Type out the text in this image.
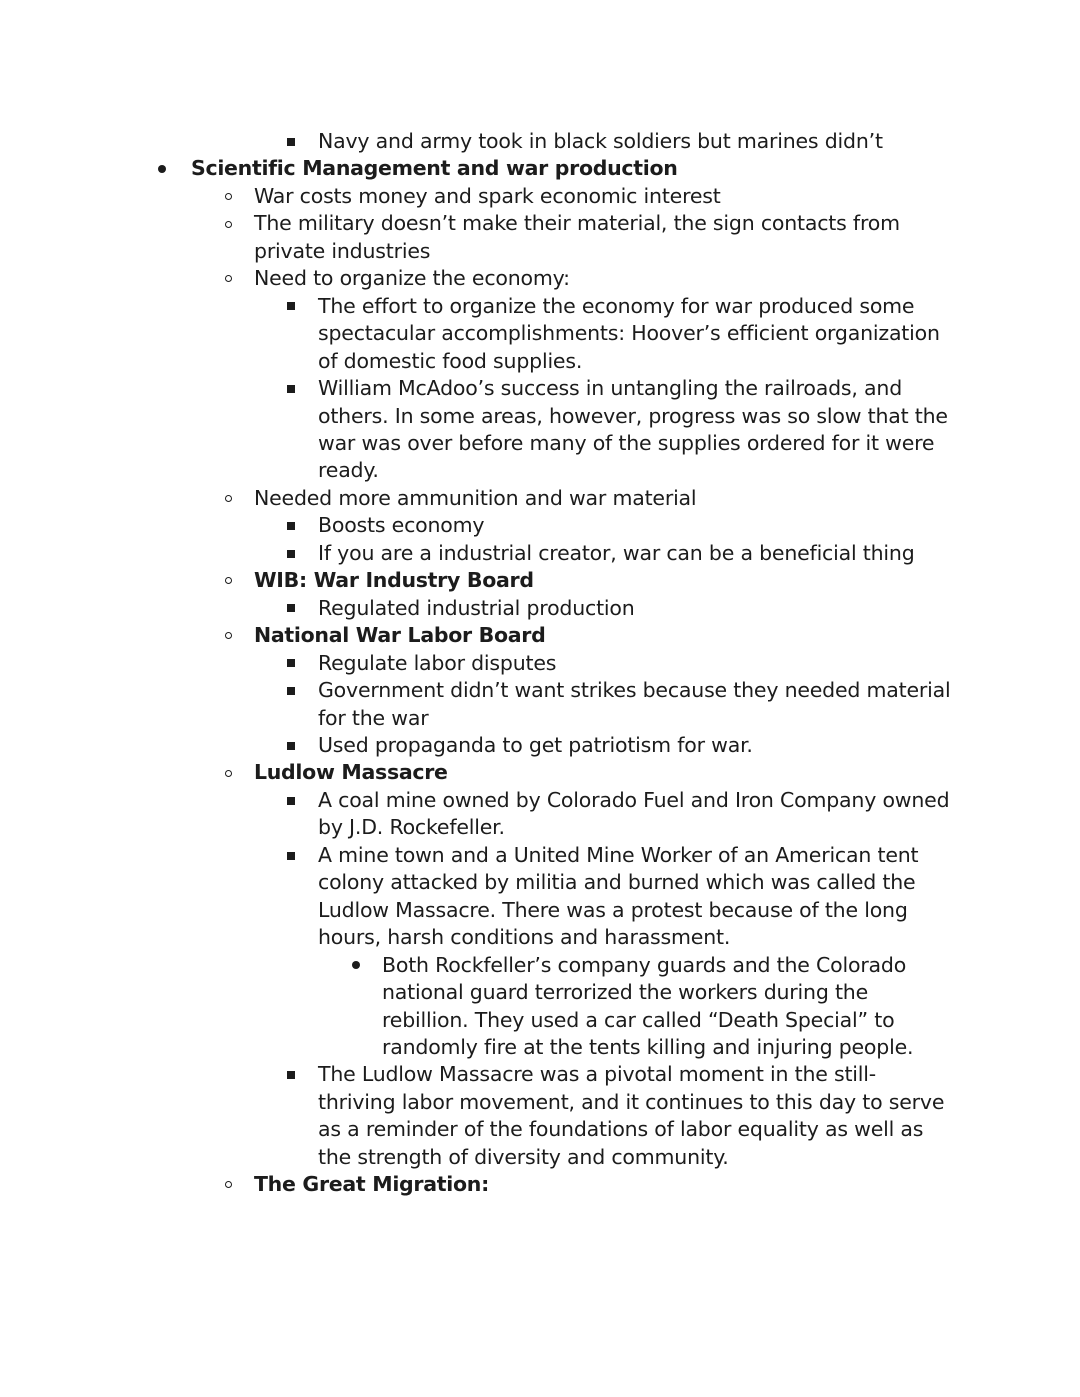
Navy and army took in black soldiers but marines didn’t
Scientific Management and war production
War costs money and spark economic interest
The military doesn’t make their material, the sign contacts from private industries
Need to organize the economy:
The effort to organize the economy for war produced some spectacular accomplishments: Hoover’s efficient organization of domestic food supplies.
William McAdoo’s success in untangling the railroads, and others. In some areas, however, progress was so slow that the war was over before many of the supplies ordered for it were ready.
Needed more ammunition and war material
Boosts economy
If you are a industrial creator, war can be a beneficial thing
WIB: War Industry Board
Regulated industrial production
National War Labor Board
Regulate labor disputes
Government didn’t want strikes because they needed material for the war
Used propaganda to get patriotism for war.
Ludlow Massacre
A coal mine owned by Colorado Fuel and Iron Company owned by J.D. Rockefeller.
A mine town and a United Mine Worker of an American tent colony attacked by militia and burned which was called the Ludlow Massacre. There was a protest because of the long hours, harsh conditions and harassment.
Both Rockfeller’s company guards and the Colorado national guard terrorized the workers during the rebillion. They used a car called “Death Special” to randomly fire at the tents killing and injuring people.
The Ludlow Massacre was a pivotal moment in the still-thriving labor movement, and it continues to this day to serve as a reminder of the foundations of labor equality as well as the strength of diversity and community.
The Great Migration:
